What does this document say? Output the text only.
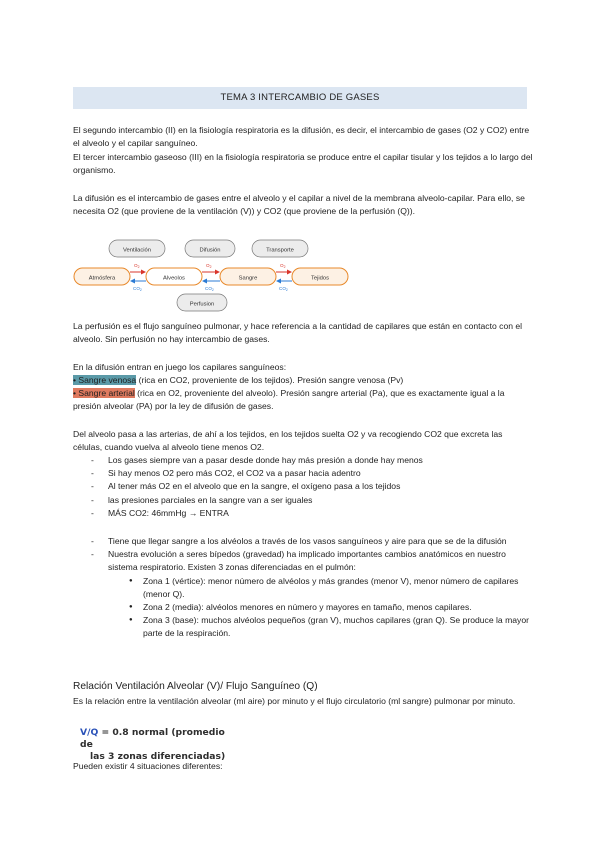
TEMA 3 INTERCAMBIO DE GASES

El segundo intercambio (II) en la fisiología respiratoria es la difusión, es decir, el intercambio de gases (O2 y CO2) entre el alveolo y el capilar sanguíneo.

El tercer intercambio gaseoso (III) en la fisiología respiratoria se produce entre el capilar tisular y los tejidos a lo largo del organismo.

La difusión es el intercambio de gases entre el alveolo y el capilar a nivel de la membrana alveolo-capilar. Para ello, se necesita O2 (que proviene de la ventilación (V)) y CO2 (que proviene de la perfusión (Q)).

Ventilación	Difusión	Transporte
Perfusion
Atmósfera	Alveolos	Sangre	Tejidos
$O_2$	$O_2$	$O_2$
$CO_2$	$CO_2$	$CO_2$

La perfusión es el flujo sanguíneo pulmonar, y hace referencia a la cantidad de capilares que están en contacto con el alveolo. Sin perfusión no hay intercambio de gases.

En la difusión entran en juego los capilares sanguíneos:

• Sangre venosa (rica en CO2, proveniente de los tejidos). Presión sangre venosa (Pv)

• Sangre arterial (rica en O2, proveniente del alveolo). Presión sangre arterial (Pa), que es exactamente igual a la presión alveolar (PA) por la ley de difusión de gases.

Del alveolo pasa a las arterias, de ahí a los tejidos, en los tejidos suelta O2 y va recogiendo CO2 que excreta las células, cuando vuelva al alveolo tiene menos O2.

- Los gases siempre van a pasar desde donde hay más presión a donde hay menos
- Si hay menos O2 pero más CO2, el CO2 va a pasar hacia adentro
- Al tener más O2 en el alveolo que en la sangre, el oxígeno pasa a los tejidos
- las presiones parciales en la sangre van a ser iguales
- MÁS CO2: 46mmHg → ENTRA
- Tiene que llegar sangre a los alvéolos a través de los vasos sanguíneos y aire para que se de la difusión
- Nuestra evolución a seres bípedos (gravedad) ha implicado importantes cambios anatómicos en nuestro sistema respiratorio. Existen 3 zonas diferenciadas en el pulmón:
● Zona 1 (vértice): menor número de alvéolos y más grandes (menor V), menor número de capilares (menor Q).
● Zona 2 (media): alvéolos menores en número y mayores en tamaño, menos capilares.
● Zona 3 (base): muchos alvéolos pequeños (gran V), muchos capilares (gran Q). Se produce la mayor parte de la respiración.

Relación Ventilación Alveolar (V)/ Flujo Sanguíneo (Q)

Es la relación entre la ventilación alveolar (ml aire) por minuto y el flujo circulatorio (ml sangre) pulmonar por minuto.

V/Q = 0.8 normal (promedio de
las 3 zonas diferenciadas)

Pueden existir 4 situaciones diferentes:
